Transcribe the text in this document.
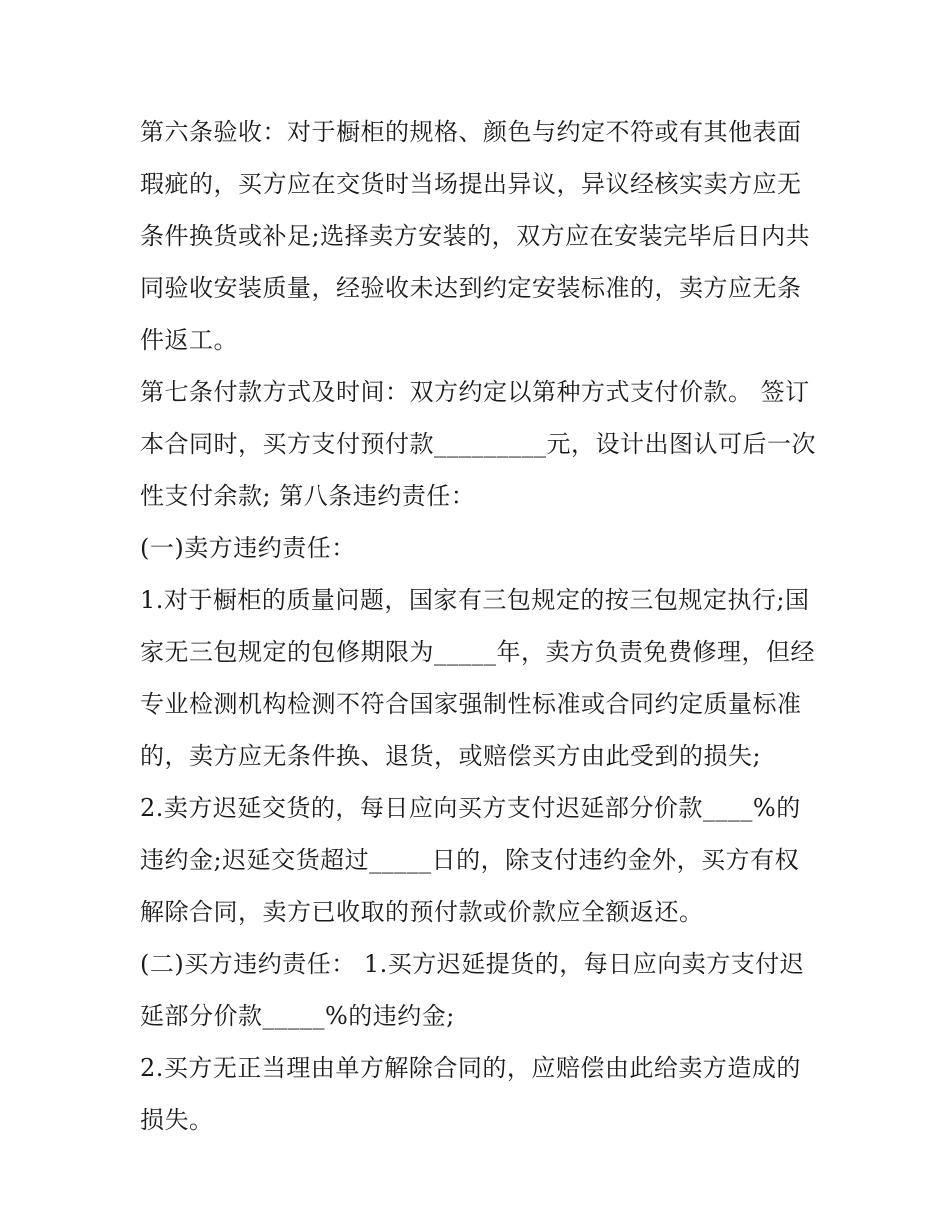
第六条验收：对于橱柜的规格、颜色与约定不符或有其他表面瑕疵的，买方应在交货时当场提出异议，异议经核实卖方应无条件换货或补足;选择卖方安装的，双方应在安装完毕后日内共同验收安装质量，经验收未达到约定安装标准的，卖方应无条件返工。

第七条付款方式及时间：双方约定以第种方式支付价款。 签订本合同时，买方支付预付款_________元，设计出图认可后一次性支付余款; 第八条违约责任：

(一)卖方违约责任：

1.对于橱柜的质量问题，国家有三包规定的按三包规定执行;国家无三包规定的包修期限为_____年，卖方负责免费修理，但经专业检测机构检测不符合国家强制性标准或合同约定质量标准的，卖方应无条件换、退货，或赔偿买方由此受到的损失;

2.卖方迟延交货的，每日应向买方支付迟延部分价款____%的违约金;迟延交货超过_____日的，除支付违约金外，买方有权解除合同，卖方已收取的预付款或价款应全额返还。

(二)买方违约责任： 1.买方迟延提货的，每日应向卖方支付迟延部分价款_____%的违约金;

2.买方无正当理由单方解除合同的，应赔偿由此给卖方造成的损失。
